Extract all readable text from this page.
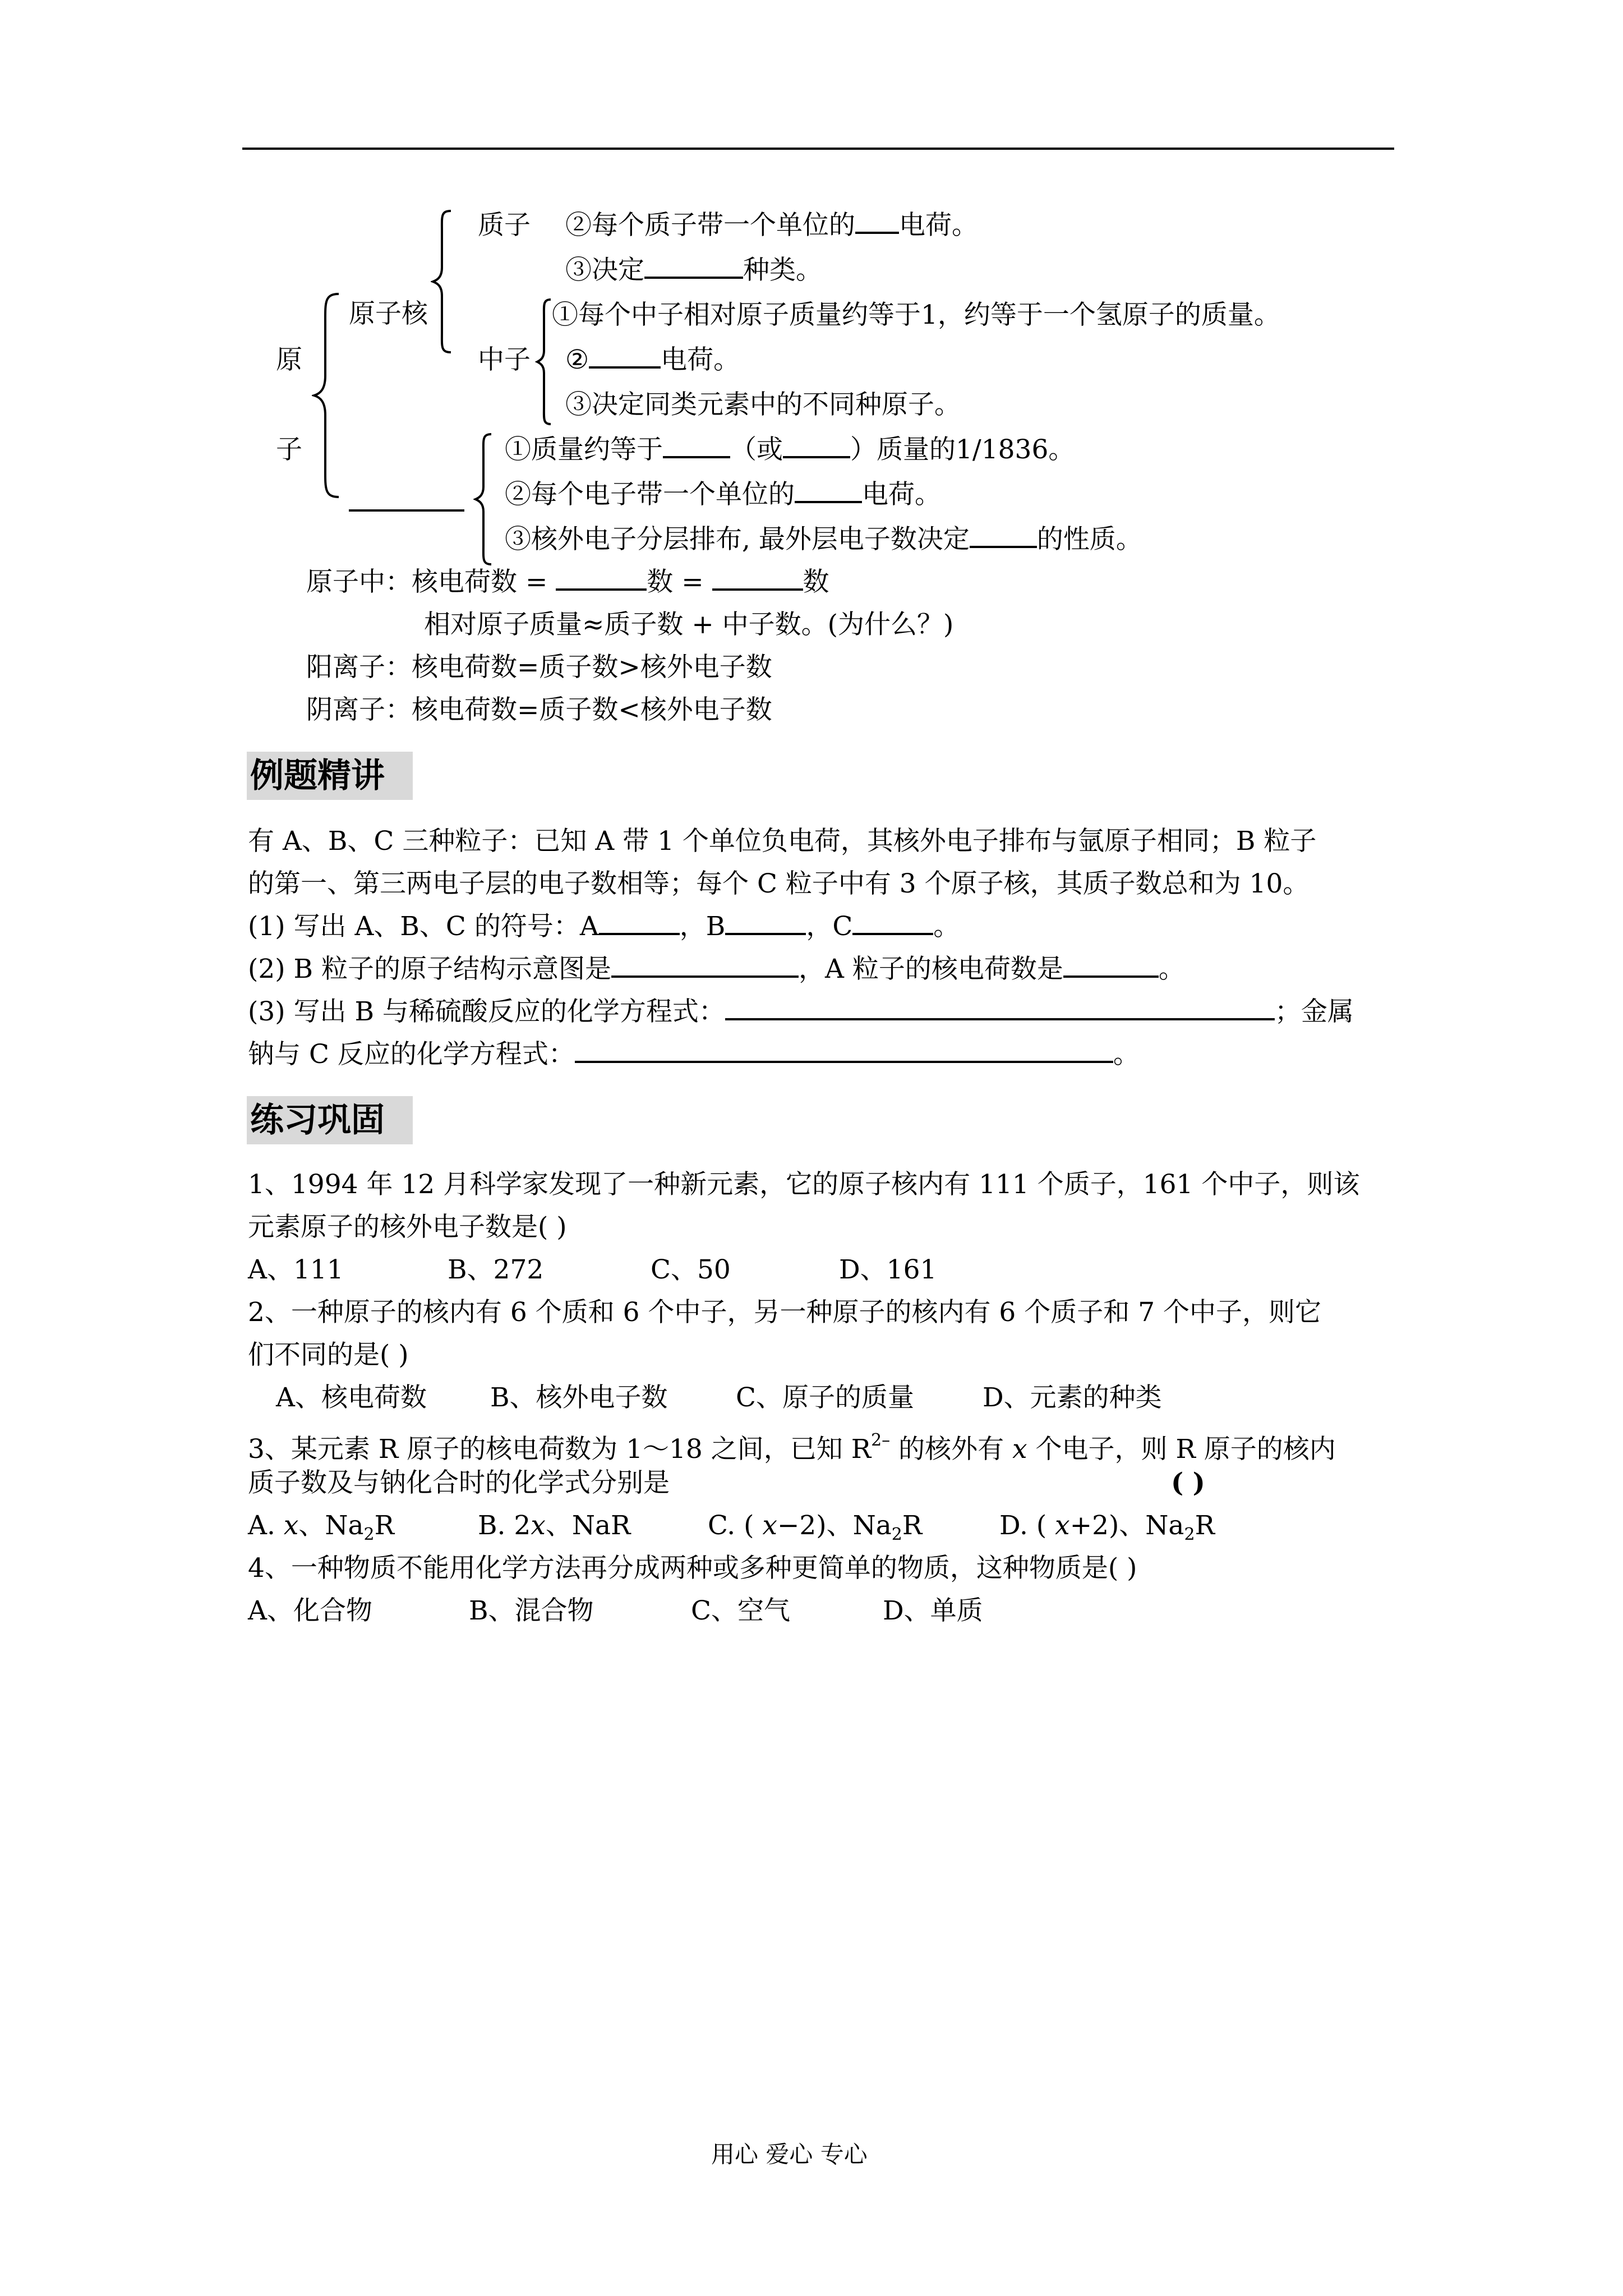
原
子
原子核
质子
中子
②每个质子带一个单位的 电荷。
③决定	种类。
①每个中子相对原子质量约等于1，约等于一个氢原子的质量。
②	电荷。
③决定同类元素中的不同种原子。
①质量约等于	（或	）质量的1/1836。
②每个电子带一个单位的	电荷。
③核外电子分层排布, 最外层电子数决定	的性质。
原子中：核电荷数 =	数 =	数
相对原子质量≈质子数 + 中子数。(为什么？)
阳离子：核电荷数=质子数>核外电子数
阴离子：核电荷数=质子数<核外电子数
例题精讲
有 A、B、C 三种粒子：已知 A 带 1 个单位负电荷，其核外电子排布与氩原子相同；B 粒子
的第一、第三两电子层的电子数相等；每个 C 粒子中有 3 个原子核，其质子数总和为 10。
(1) 写出 A、B、C 的符号：A	，B	，C	。
(2) B 粒子的原子结构示意图是	，A 粒子的核电荷数是	。
(3) 写出 B 与稀硫酸反应的化学方程式：	；金属
钠与 C 反应的化学方程式：	。
练习巩固
1、1994 年 12 月科学家发现了一种新元素，它的原子核内有 111 个质子，161 个中子，则该
元素原子的核外电子数是( )
A、111	B、272	C、50	D、161
2、一种原子的核内有 6 个质和 6 个中子，另一种原子的核内有 6 个质子和 7 个中子，则它
们不同的是( )
A、核电荷数 B、核外电子数	C、原子的质量	D、元素的种类
3、某元素 R 原子的核电荷数为 1～18 之间，已知 $R^{2-}$ 的核外有 x 个电子，则 R 原子的核内
质子数及与钠化合时的化学式分别是	( )
A. x、$Na_2R$	B. 2x、NaR	C. ( x−2)、$Na_2R$	D. ( x+2)、$Na_2R$
4、一种物质不能用化学方法再分成两种或多种更简单的物质，这种物质是( )
A、化合物	B、混合物	C、空气	D、单质
用心 爱心 专心
